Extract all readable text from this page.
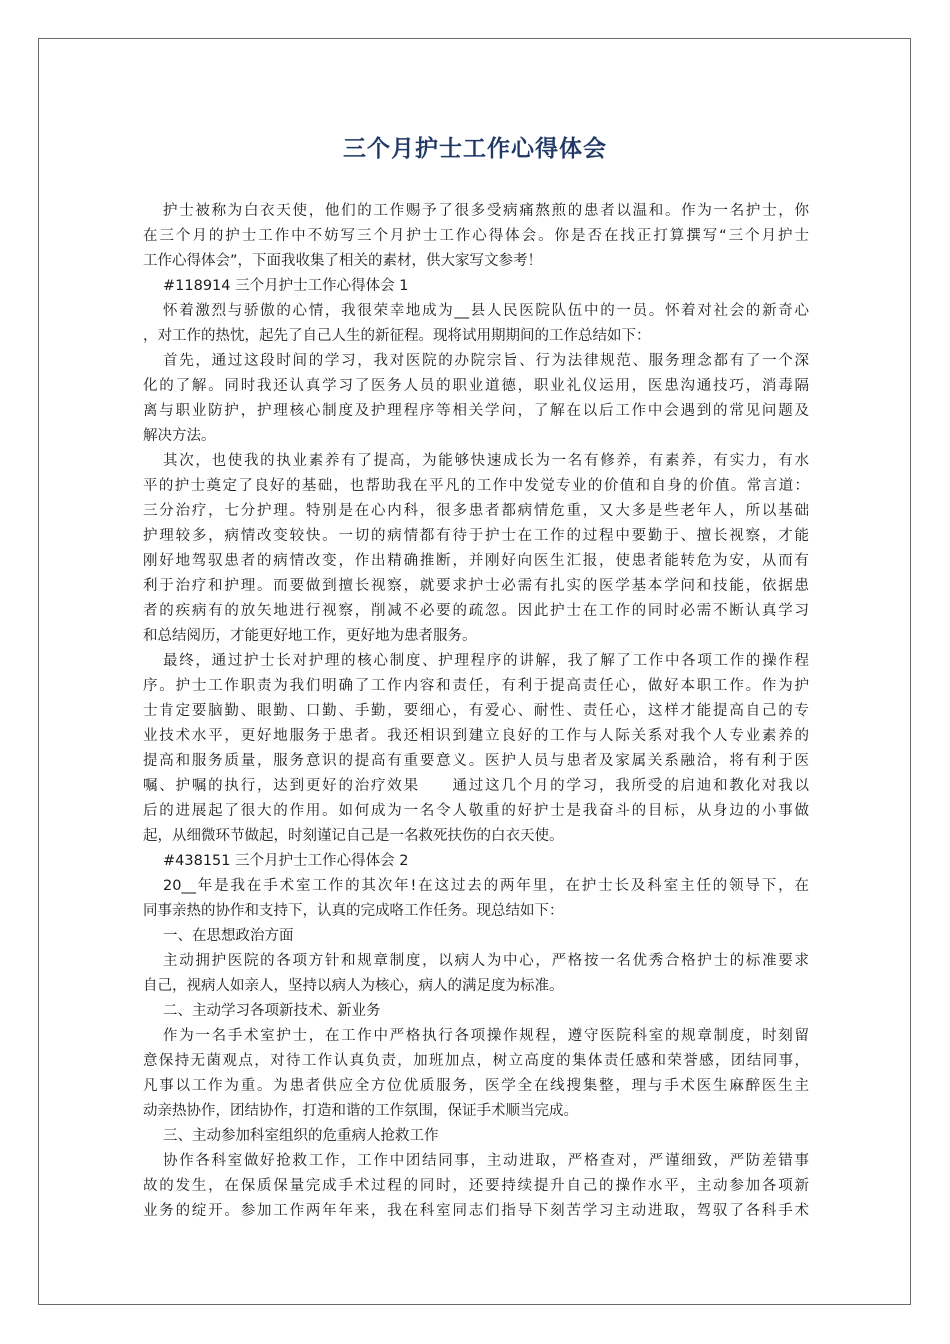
三个月护士工作心得体会
护士被称为白衣天使，他们的工作赐予了很多受病痛熬煎的患者以温和。作为一名护士，你
在三个月的护士工作中不妨写三个月护士工作心得体会。你是否在找正打算撰写“三个月护士
工作心得体会”，下面我收集了相关的素材，供大家写文参考！
#118914 三个月护士工作心得体会 1
怀着激烈与骄傲的心情，我很荣幸地成为__县人民医院队伍中的一员。怀着对社会的新奇心
，对工作的热忱，起先了自己人生的新征程。现将试用期期间的工作总结如下：
首先，通过这段时间的学习，我对医院的办院宗旨、行为法律规范、服务理念都有了一个深
化的了解。同时我还认真学习了医务人员的职业道德，职业礼仪运用，医患沟通技巧，消毒隔
离与职业防护，护理核心制度及护理程序等相关学问，了解在以后工作中会遇到的常见问题及
解决方法。
其次，也使我的执业素养有了提高，为能够快速成长为一名有修养，有素养，有实力，有水
平的护士奠定了良好的基础，也帮助我在平凡的工作中发觉专业的价值和自身的价值。常言道：
三分治疗，七分护理。特别是在心内科，很多患者都病情危重，又大多是些老年人，所以基础
护理较多，病情改变较快。一切的病情都有待于护士在工作的过程中要勤于、擅长视察，才能
刚好地驾驭患者的病情改变，作出精确推断，并刚好向医生汇报，使患者能转危为安，从而有
利于治疗和护理。而要做到擅长视察，就要求护士必需有扎实的医学基本学问和技能，依据患
者的疾病有的放矢地进行视察，削减不必要的疏忽。因此护士在工作的同时必需不断认真学习
和总结阅历，才能更好地工作，更好地为患者服务。
最终，通过护士长对护理的核心制度、护理程序的讲解，我了解了工作中各项工作的操作程
序。护士工作职责为我们明确了工作内容和责任，有利于提高责任心，做好本职工作。作为护
士肯定要脑勤、眼勤、口勤、手勤，要细心，有爱心、耐性、责任心，这样才能提高自己的专
业技术水平，更好地服务于患者。我还相识到建立良好的工作与人际关系对我个人专业素养的
提高和服务质量，服务意识的提高有重要意义。医护人员与患者及家属关系融洽，将有利于医
嘱、护嘱的执行，达到更好的治疗效果　　通过这几个月的学习，我所受的启迪和教化对我以
后的进展起了很大的作用。如何成为一名令人敬重的好护士是我奋斗的目标，从身边的小事做
起，从细微环节做起，时刻谨记自己是一名救死扶伤的白衣天使。
#438151 三个月护士工作心得体会 2
20__年是我在手术室工作的其次年!在这过去的两年里，在护士长及科室主任的领导下，在
同事亲热的协作和支持下，认真的完成咯工作任务。现总结如下：
一、在思想政治方面
主动拥护医院的各项方针和规章制度，以病人为中心，严格按一名优秀合格护士的标准要求
自己，视病人如亲人，坚持以病人为核心，病人的满足度为标准。
二、主动学习各项新技术、新业务
作为一名手术室护士，在工作中严格执行各项操作规程，遵守医院科室的规章制度，时刻留
意保持无菌观点，对待工作认真负责，加班加点，树立高度的集体责任感和荣誉感，团结同事，
凡事以工作为重。为患者供应全方位优质服务，医学全在线搜集整，理与手术医生麻醉医生主
动亲热协作，团结协作，打造和谐的工作氛围，保证手术顺当完成。
三、主动参加科室组织的危重病人抢救工作
协作各科室做好抢救工作，工作中团结同事，主动进取，严格查对，严谨细致，严防差错事
故的发生，在保质保量完成手术过程的同时，还要持续提升自己的操作水平，主动参加各项新
业务的绽开。参加工作两年年来，我在科室同志们指导下刻苦学习主动进取，驾驭了各科手术
